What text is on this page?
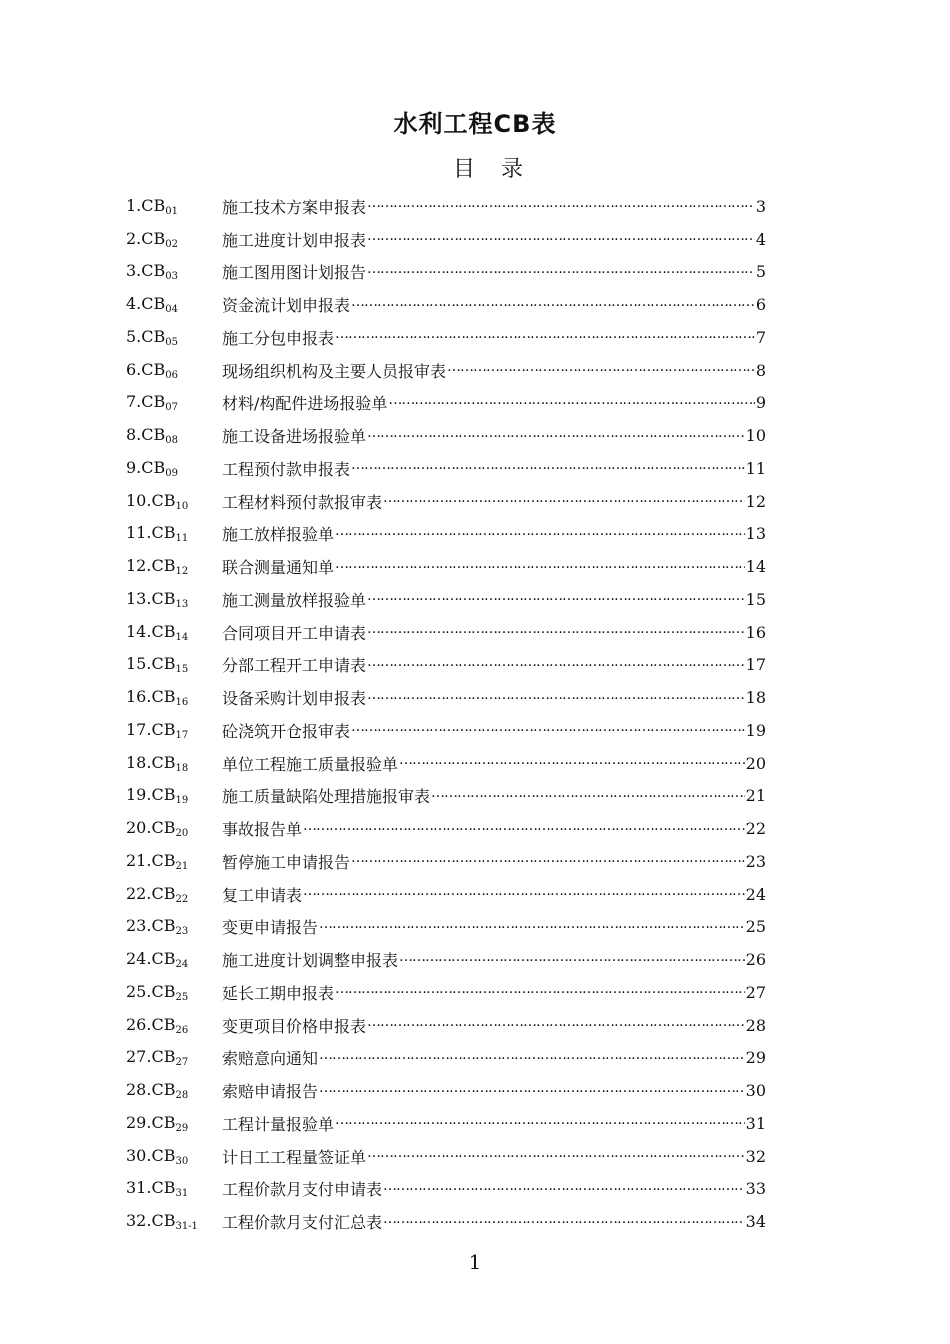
水利工程CB表
目录
$1.CB_{01}$	施工技术方案申报表 ……………………………………………………………………………………………………………………………………………………	3
$2.CB_{02}$	施工进度计划申报表 ……………………………………………………………………………………………………………………………………………………	4
$3.CB_{03}$	施工图用图计划报告 ……………………………………………………………………………………………………………………………………………………	5
$4.CB_{04}$	资金流计划申报表 ……………………………………………………………………………………………………………………………………………………	6
$5.CB_{05}$	施工分包申报表 ……………………………………………………………………………………………………………………………………………………	7
$6.CB_{06}$	现场组织机构及主要人员报审表 ……………………………………………………………………………………………………………………………………………………	8
$7.CB_{07}$	材料/构配件进场报验单 ……………………………………………………………………………………………………………………………………………………	9
$8.CB_{08}$	施工设备进场报验单 ……………………………………………………………………………………………………………………………………………………	10
$9.CB_{09}$	工程预付款申报表 ……………………………………………………………………………………………………………………………………………………	11
$10.CB_{10}$	工程材料预付款报审表 ……………………………………………………………………………………………………………………………………………………	12
$11.CB_{11}$	施工放样报验单 ……………………………………………………………………………………………………………………………………………………	13
$12.CB_{12}$	联合测量通知单 ……………………………………………………………………………………………………………………………………………………	14
$13.CB_{13}$	施工测量放样报验单 ……………………………………………………………………………………………………………………………………………………	15
$14.CB_{14}$	合同项目开工申请表 ……………………………………………………………………………………………………………………………………………………	16
$15.CB_{15}$	分部工程开工申请表 ……………………………………………………………………………………………………………………………………………………	17
$16.CB_{16}$	设备采购计划申报表 ……………………………………………………………………………………………………………………………………………………	18
$17.CB_{17}$	砼浇筑开仓报审表 ……………………………………………………………………………………………………………………………………………………	19
$18.CB_{18}$	单位工程施工质量报验单 ……………………………………………………………………………………………………………………………………………………	20
$19.CB_{19}$	施工质量缺陷处理措施报审表 ……………………………………………………………………………………………………………………………………………………	21
$20.CB_{20}$	事故报告单 ……………………………………………………………………………………………………………………………………………………	22
$21.CB_{21}$	暂停施工申请报告 ……………………………………………………………………………………………………………………………………………………	23
$22.CB_{22}$	复工申请表 ……………………………………………………………………………………………………………………………………………………	24
$23.CB_{23}$	变更申请报告 ……………………………………………………………………………………………………………………………………………………	25
$24.CB_{24}$	施工进度计划调整申报表 ……………………………………………………………………………………………………………………………………………………	26
$25.CB_{25}$	延长工期申报表 ……………………………………………………………………………………………………………………………………………………	27
$26.CB_{26}$	变更项目价格申报表 ……………………………………………………………………………………………………………………………………………………	28
$27.CB_{27}$	索赔意向通知 ……………………………………………………………………………………………………………………………………………………	29
$28.CB_{28}$	索赔申请报告 ……………………………………………………………………………………………………………………………………………………	30
$29.CB_{29}$	工程计量报验单 ……………………………………………………………………………………………………………………………………………………	31
$30.CB_{30}$	计日工工程量签证单 ……………………………………………………………………………………………………………………………………………………	32
$31.CB_{31}$	工程价款月支付申请表 ……………………………………………………………………………………………………………………………………………………	33
$32.CB_{31-1}$	工程价款月支付汇总表 ……………………………………………………………………………………………………………………………………………………	34
1
